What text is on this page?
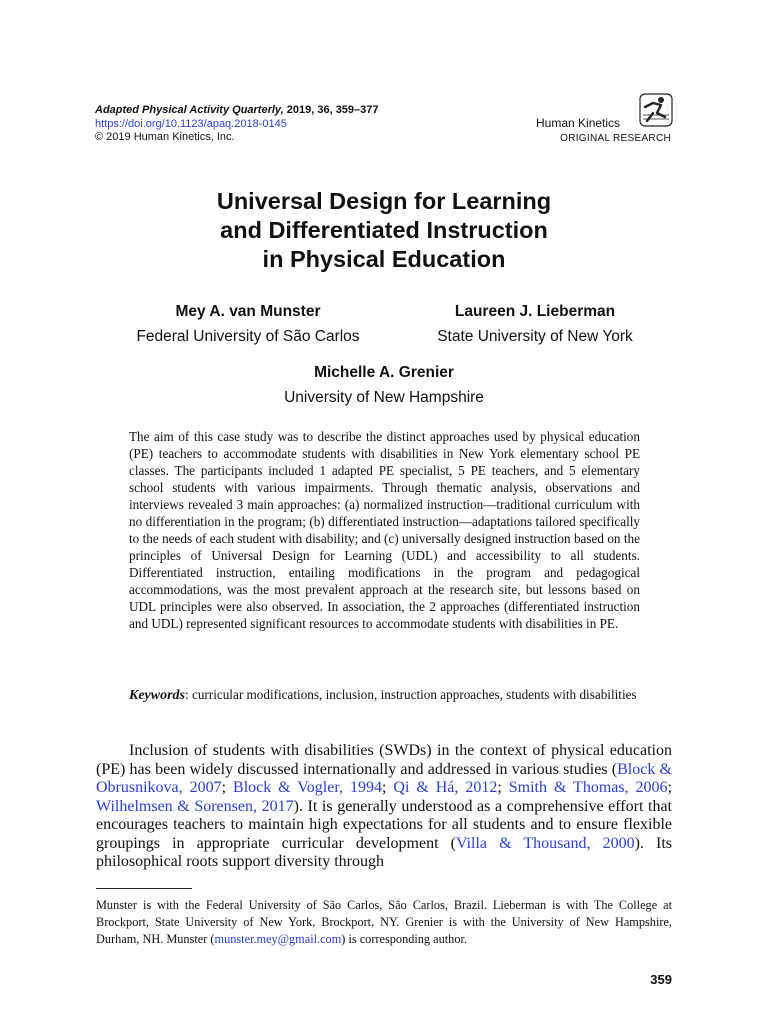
Adapted Physical Activity Quarterly, 2019, 36, 359–377
https://doi.org/10.1123/apaq.2018-0145
© 2019 Human Kinetics, Inc.
Human Kinetics
ORIGINAL RESEARCH
Universal Design for Learning
and Differentiated Instruction
in Physical Education
Mey A. van Munster
Federal University of São Carlos
Laureen J. Lieberman
State University of New York
Michelle A. Grenier
University of New Hampshire
The aim of this case study was to describe the distinct approaches used by physical education (PE) teachers to accommodate students with disabilities in New York elementary school PE classes. The participants included 1 adapted PE specialist, 5 PE teachers, and 5 elementary school students with various impairments. Through thematic analysis, observations and interviews revealed 3 main approaches: (a) normalized instruction—traditional curriculum with no differentiation in the program; (b) differentiated instruction—adaptations tailored specifically to the needs of each student with disability; and (c) universally designed instruction based on the principles of Universal Design for Learning (UDL) and accessibility to all students. Differentiated instruction, entailing modifications in the program and pedagogical accommodations, was the most prevalent approach at the research site, but lessons based on UDL principles were also observed. In association, the 2 approaches (differentiated instruction and UDL) represented significant resources to accommodate students with disabilities in PE.
Keywords: curricular modifications, inclusion, instruction approaches, students with disabilities
Inclusion of students with disabilities (SWDs) in the context of physical education (PE) has been widely discussed internationally and addressed in various studies (Block & Obrusnikova, 2007; Block & Vogler, 1994; Qi & Há, 2012; Smith & Thomas, 2006; Wilhelmsen & Sorensen, 2017). It is generally understood as a comprehensive effort that encourages teachers to maintain high expectations for all students and to ensure flexible groupings in appropriate curricular development (Villa & Thousand, 2000). Its philosophical roots support diversity through
Munster is with the Federal University of São Carlos, São Carlos, Brazil. Lieberman is with The College at Brockport, State University of New York, Brockport, NY. Grenier is with the University of New Hampshire, Durham, NH. Munster (munster.mey@gmail.com) is corresponding author.
359
